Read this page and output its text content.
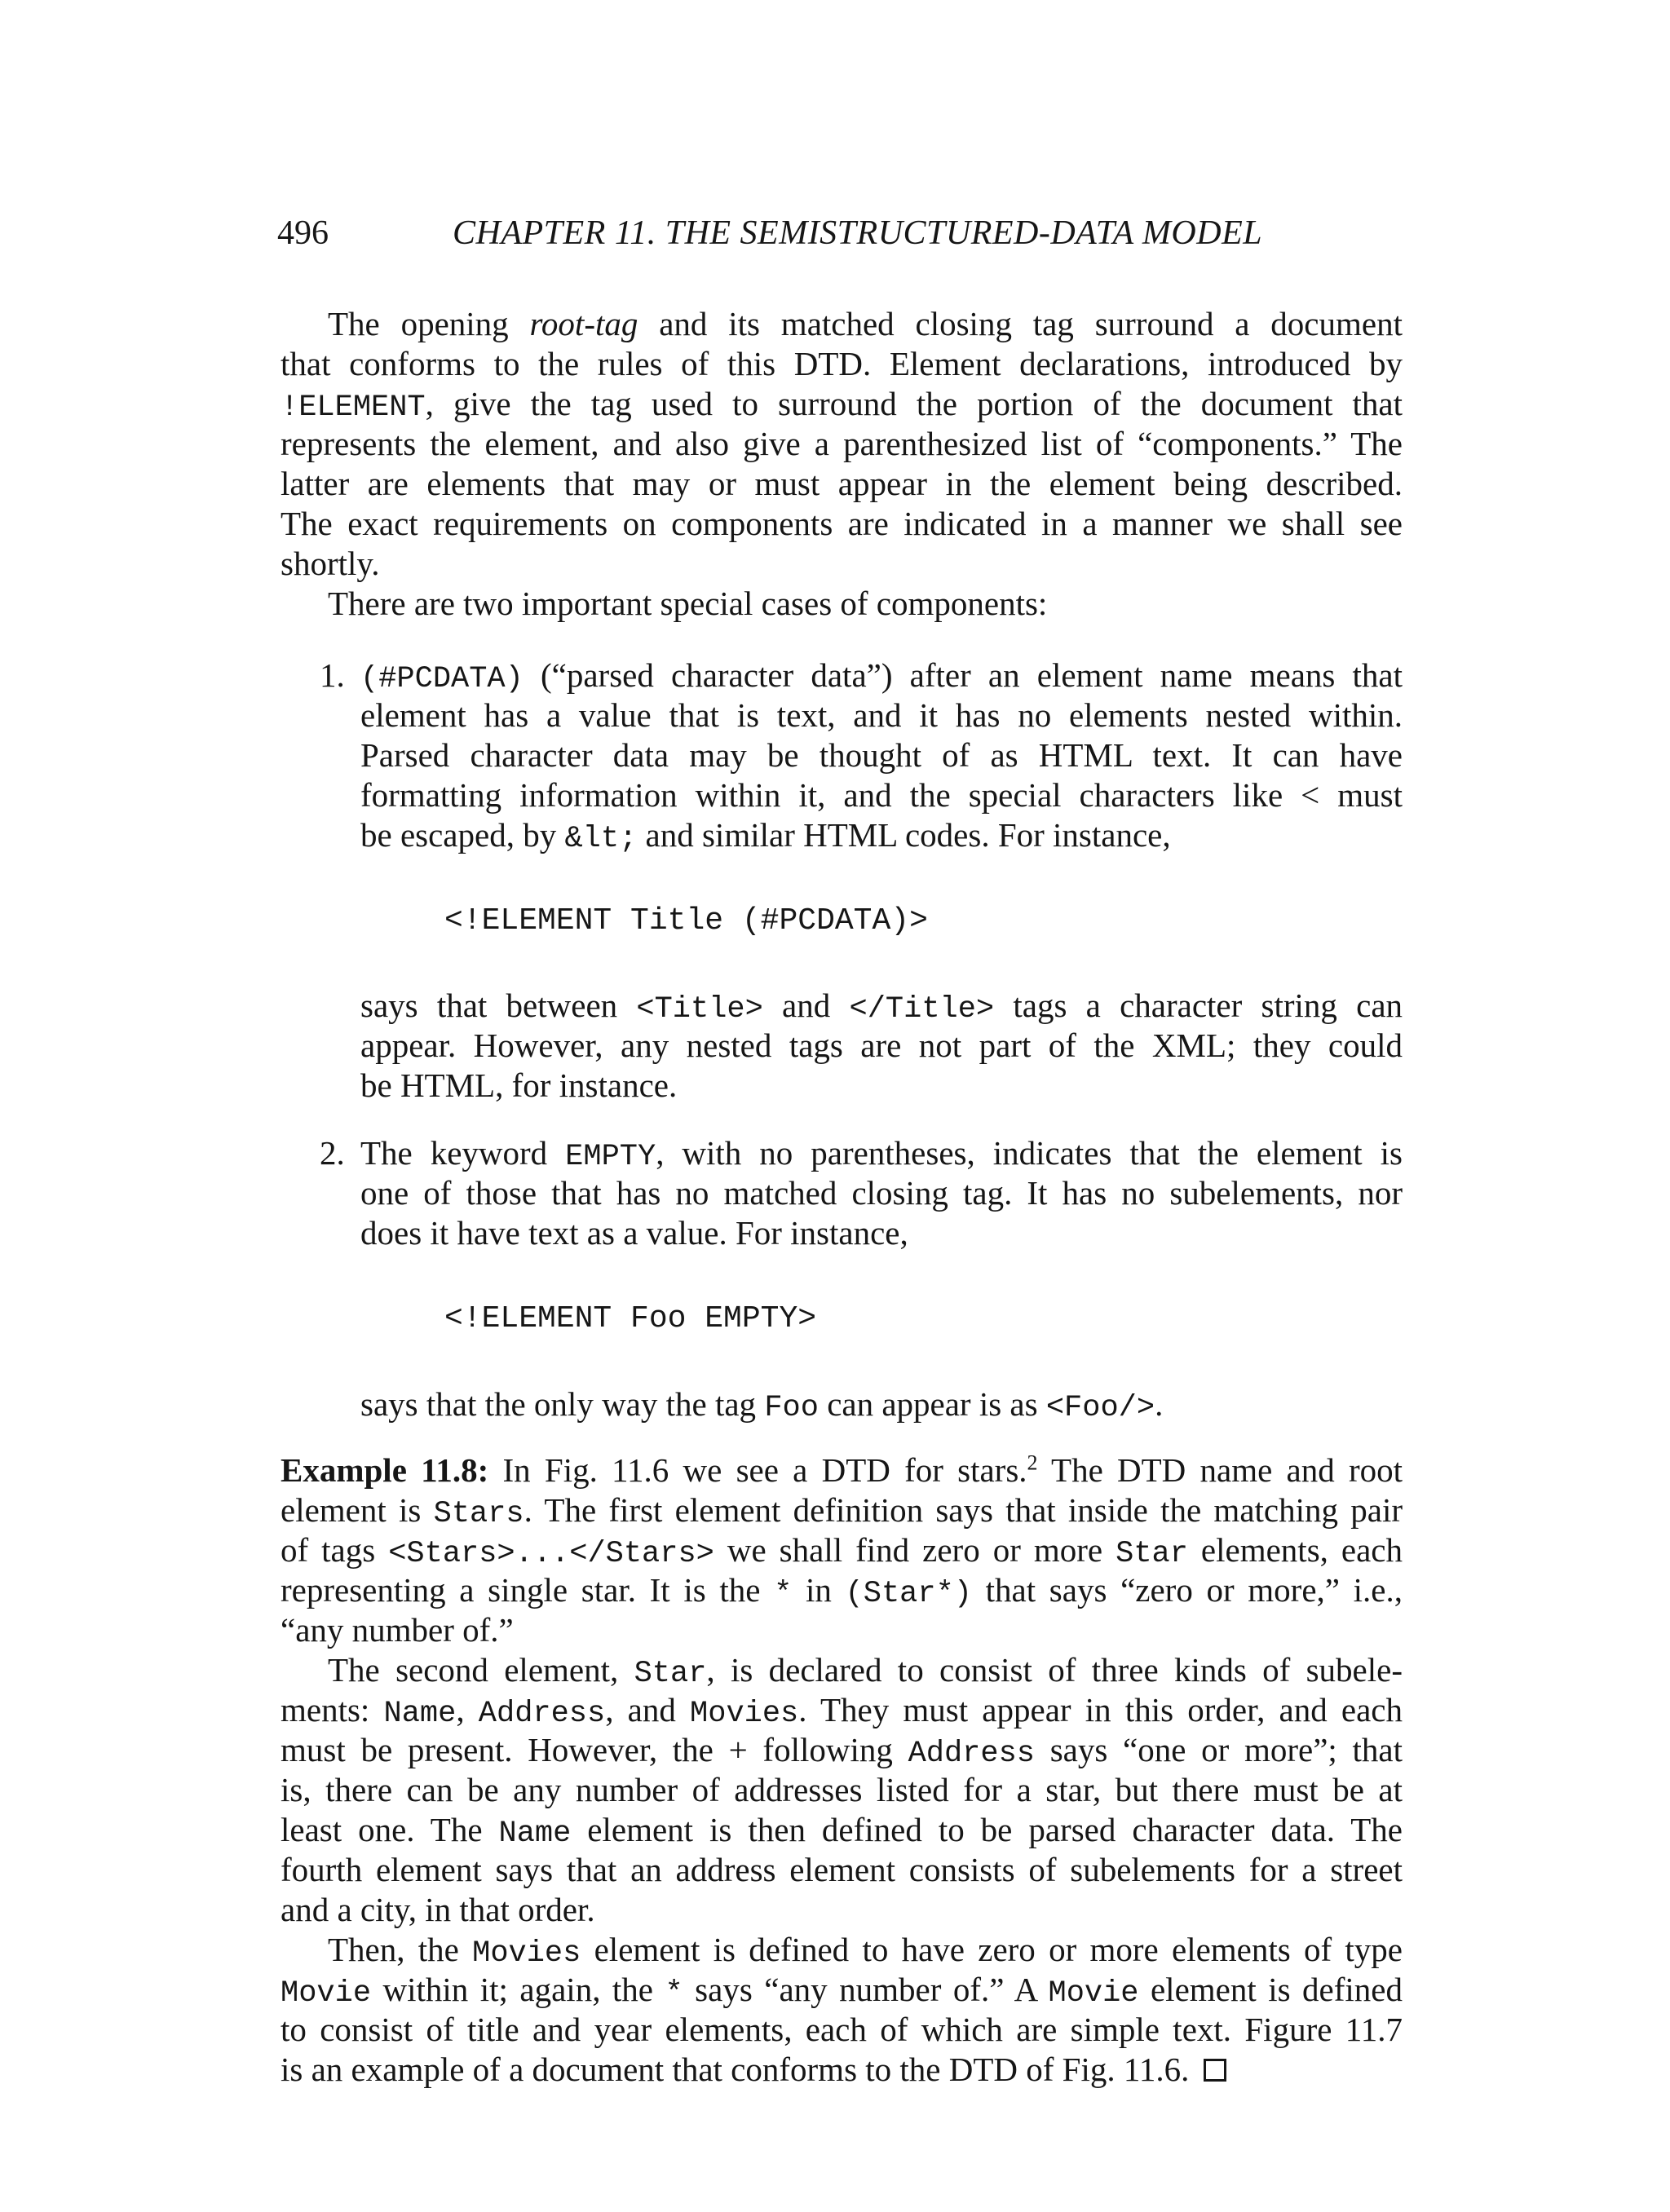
496	CHAPTER 11. THE SEMISTRUCTURED-DATA MODEL
The opening root-tag and its matched closing tag surround a document
that conforms to the rules of this DTD. Element declarations, introduced by
!ELEMENT, give the tag used to surround the portion of the document that
represents the element, and also give a parenthesized list of “components.” The
latter are elements that may or must appear in the element being described.
The exact requirements on components are indicated in a manner we shall see
shortly.
There are two important special cases of components:
1. (#PCDATA) (“parsed character data”) after an element name means that
element has a value that is text, and it has no elements nested within.
Parsed character data may be thought of as HTML text. It can have
formatting information within it, and the special characters like < must
be escaped, by &lt; and similar HTML codes. For instance,
<!ELEMENT Title (#PCDATA)>
says that between <Title> and </Title> tags a character string can
appear. However, any nested tags are not part of the XML; they could
be HTML, for instance.
2. The keyword EMPTY, with no parentheses, indicates that the element is
one of those that has no matched closing tag. It has no subelements, nor
does it have text as a value. For instance,
<!ELEMENT Foo EMPTY>
says that the only way the tag Foo can appear is as <Foo/>.
Example 11.8: In Fig. 11.6 we see a DTD for stars.$^2$ The DTD name and root
element is Stars. The first element definition says that inside the matching pair
of tags <Stars>...</Stars> we shall find zero or more Star elements, each
representing a single star. It is the * in (Star*) that says “zero or more,” i.e.,
“any number of.”
The second element, Star, is declared to consist of three kinds of subele-
ments: Name, Address, and Movies. They must appear in this order, and each
must be present. However, the + following Address says “one or more”; that
is, there can be any number of addresses listed for a star, but there must be at
least one. The Name element is then defined to be parsed character data. The
fourth element says that an address element consists of subelements for a street
and a city, in that order.
Then, the Movies element is defined to have zero or more elements of type
Movie within it; again, the * says “any number of.” A Movie element is defined
to consist of title and year elements, each of which are simple text. Figure 11.7
is an example of a document that conforms to the DTD of Fig. 11.6.
